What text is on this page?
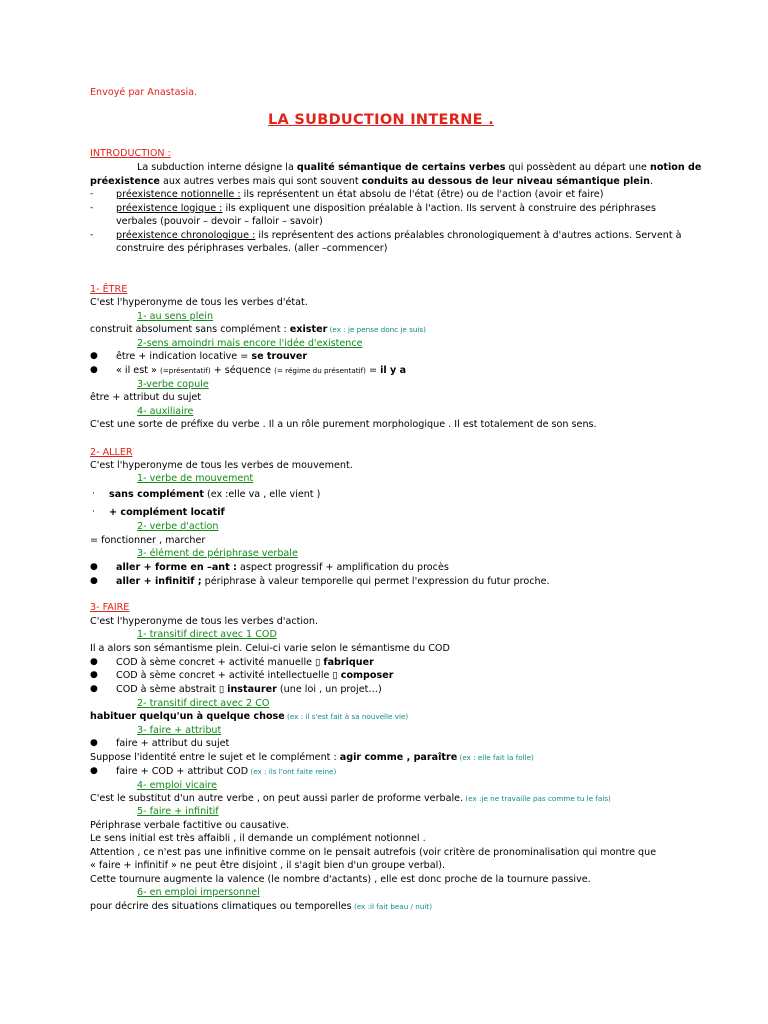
Envoyé par Anastasia.
LA SUBDUCTION INTERNE .
INTRODUCTION :
La subduction interne désigne la qualité sémantique de certains verbes qui possèdent au départ une notion de
préexistence aux autres verbes mais qui sont souvent conduits au dessous de leur niveau sémantique plein.
- préexistence notionnelle : ils représentent un état absolu de l'état (être) ou de l'action (avoir et faire)
- préexistence logique : ils expliquent une disposition préalable à l'action. Ils servent à construire des périphrases
verbales (pouvoir – devoir – falloir – savoir)
- préexistence chronologique : ils représentent des actions préalables chronologiquement à d'autres actions. Servent à
construire des périphrases verbales. (aller –commencer)
1- ÊTRE
C'est l'hyperonyme de tous les verbes d'état.
1- au sens plein
construit absolument sans complément : exister (ex : je pense donc je suis)
2-sens amoindri mais encore l'idée d'existence
● être + indication locative = se trouver
● « il est » (=présentatif) + séquence (= régime du présentatif) = il y a
3-verbe copule
être + attribut du sujet
4- auxiliaire
C'est une sorte de préfixe du verbe . Il a un rôle purement morphologique . Il est totalement de son sens.
2- ALLER
C'est l'hyperonyme de tous les verbes de mouvement.
1- verbe de mouvement
· sans complément (ex :elle va , elle vient )
· + complément locatif
2- verbe d'action
= fonctionner , marcher
3- élément de périphrase verbale
● aller + forme en –ant : aspect progressif + amplification du procès
● aller + infinitif ; périphrase à valeur temporelle qui permet l'expression du futur proche.
3- FAIRE
C'est l'hyperonyme de tous les verbes d'action.
1- transitif direct avec 1 COD
Il a alors son sémantisme plein. Celui-ci varie selon le sémantisme du COD
● COD à sème concret + activité manuelle ▯ fabriquer
● COD à sème concret + activité intellectuelle ▯ composer
● COD à sème abstrait ▯ instaurer (une loi , un projet…)
2- transitif direct avec 2 CO
habituer quelqu'un à quelque chose (ex : il s'est fait à sa nouvelle vie)
3- faire + attribut
● faire + attribut du sujet
Suppose l'identité entre le sujet et le complément : agir comme , paraître (ex : elle fait la folle)
● faire + COD + attribut COD (ex : ils l'ont faite reine)
4- emploi vicaire
C'est le substitut d'un autre verbe , on peut aussi parler de proforme verbale. (ex :je ne travaille pas comme tu le fais)
5- faire + infinitif
Périphrase verbale factitive ou causative.
Le sens initial est très affaibli , il demande un complément notionnel .
Attention , ce n'est pas une infinitive comme on le pensait autrefois (voir critère de pronominalisation qui montre que
« faire + infinitif » ne peut être disjoint , il s'agit bien d'un groupe verbal).
Cette tournure augmente la valence (le nombre d'actants) , elle est donc proche de la tournure passive.
6- en emploi impersonnel
pour décrire des situations climatiques ou temporelles (ex :il fait beau / nuit)
